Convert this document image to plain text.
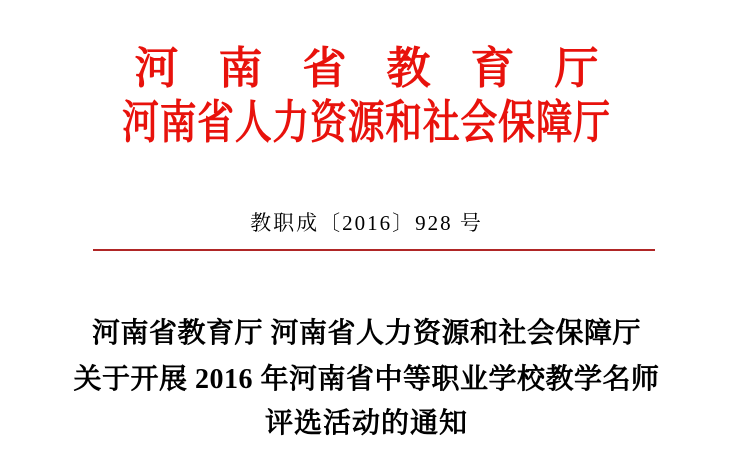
河南省教育厅
河南省人力资源和社会保障厅
教职成〔2016〕928 号
河南省教育厅 河南省人力资源和社会保障厅
关于开展 2016 年河南省中等职业学校教学名师
评选活动的通知
